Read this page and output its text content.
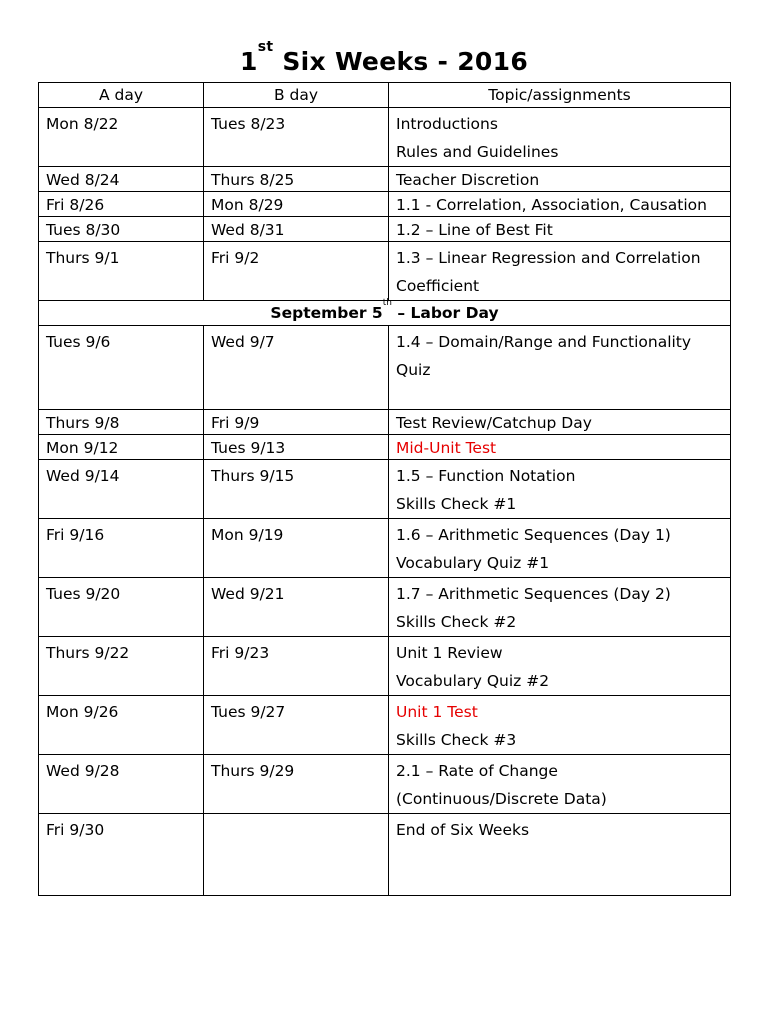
1st Six Weeks - 2016
A day	B day	Topic/assignments
Mon 8/22	Tues 8/23	Introductions
Rules and Guidelines

Wed 8/24	Thurs 8/25	Teacher Discretion

Fri 8/26	Mon 8/29	1.1 - Correlation, Association, Causation

Tues 8/30	Wed 8/31	1.2 – Line of Best Fit

Thurs 9/1	Fri 9/2	1.3 – Linear Regression and Correlation
Coefficient

September 5th – Labor Day		
Tues 9/6	Wed 9/7	1.4 – Domain/Range and Functionality
Quiz

Thurs 9/8	Fri 9/9	Test Review/Catchup Day

Mon 9/12	Tues 9/13	Mid-Unit Test

Wed 9/14	Thurs 9/15	1.5 – Function Notation
Skills Check #1

Fri 9/16	Mon 9/19	1.6 – Arithmetic Sequences (Day 1)
Vocabulary Quiz #1

Tues 9/20	Wed 9/21	1.7 – Arithmetic Sequences (Day 2)
Skills Check #2

Thurs 9/22	Fri 9/23	Unit 1 Review
Vocabulary Quiz #2

Mon 9/26	Tues 9/27	Unit 1 Test
Skills Check #3

Wed 9/28	Thurs 9/29	2.1 – Rate of Change
(Continuous/Discrete Data)

Fri 9/30		End of Six Weeks
